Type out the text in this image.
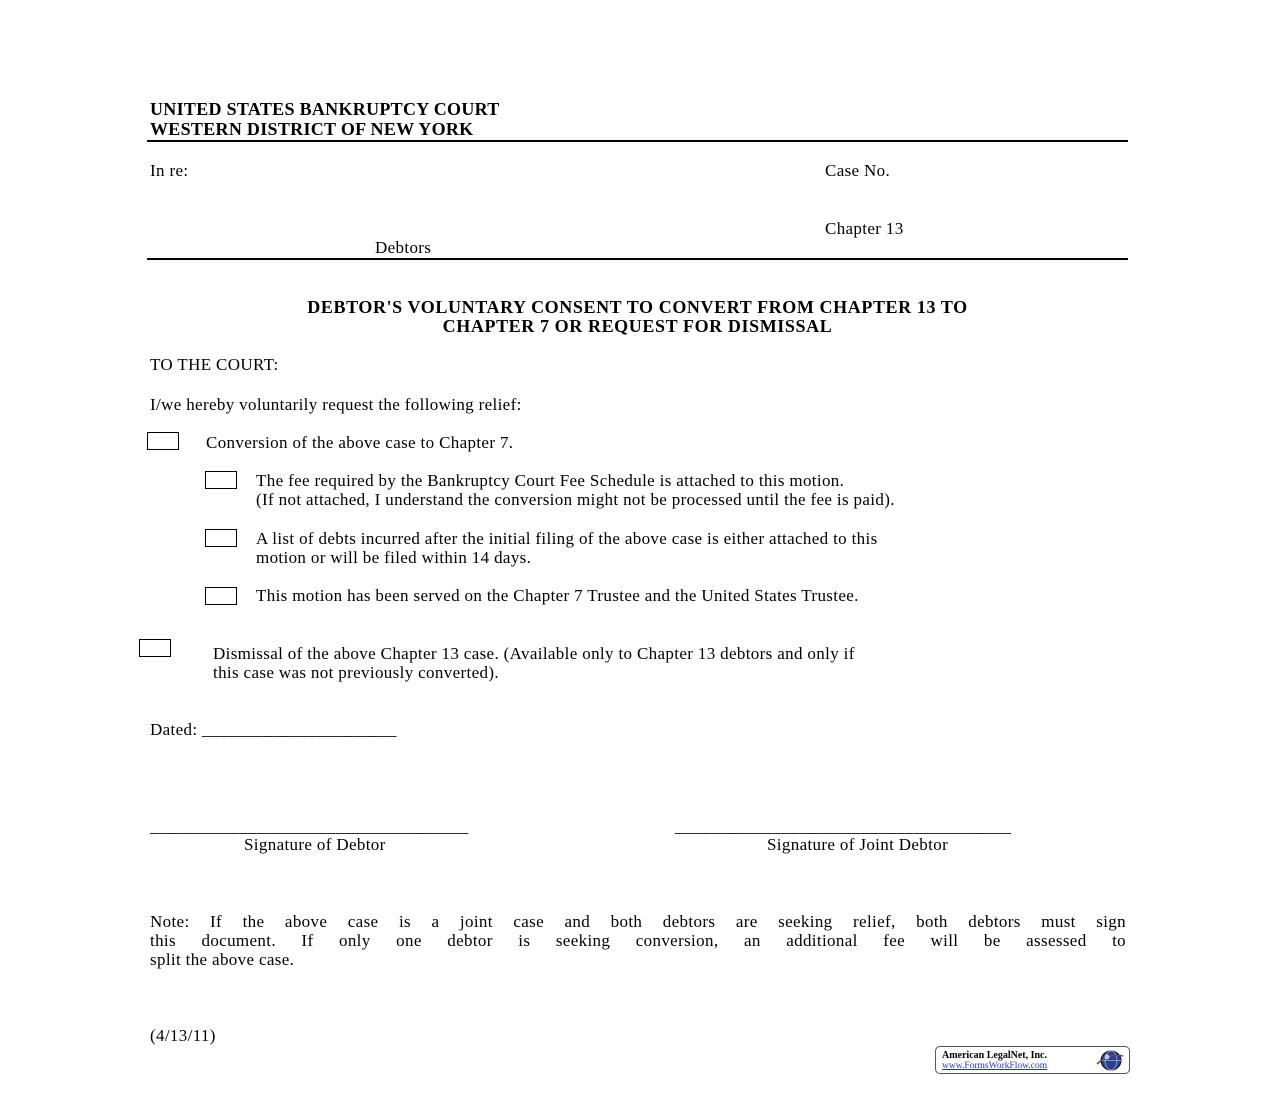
UNITED STATES BANKRUPTCY COURT
WESTERN DISTRICT OF NEW YORK
In re:	Case No.
Chapter 13
Debtors
DEBTOR'S VOLUNTARY CONSENT TO CONVERT FROM CHAPTER 13 TO
CHAPTER 7 OR REQUEST FOR DISMISSAL
TO THE COURT:
I/we hereby voluntarily request the following relief:
Conversion of the above case to Chapter 7.
The fee required by the Bankruptcy Court Fee Schedule is attached to this motion.
(If not attached, I understand the conversion might not be processed until the fee is paid).
A list of debts incurred after the initial filing of the above case is either attached to this
motion or will be filed within 14 days.
This motion has been served on the Chapter 7 Trustee and the United States Trustee.
Dismissal of the above Chapter 13 case. (Available only to Chapter 13 debtors and only if
this case was not previously converted).
Dated: ______________________
____________________________________
Signature of Debtor
______________________________________
Signature of Joint Debtor
Note: If the above case is a joint case and both debtors are seeking relief, both debtors must sign
this document. If only one debtor is seeking conversion, an additional fee will be assessed to
split the above case.
(4/13/11)
American LegalNet, Inc.
www.FormsWorkFlow.com
